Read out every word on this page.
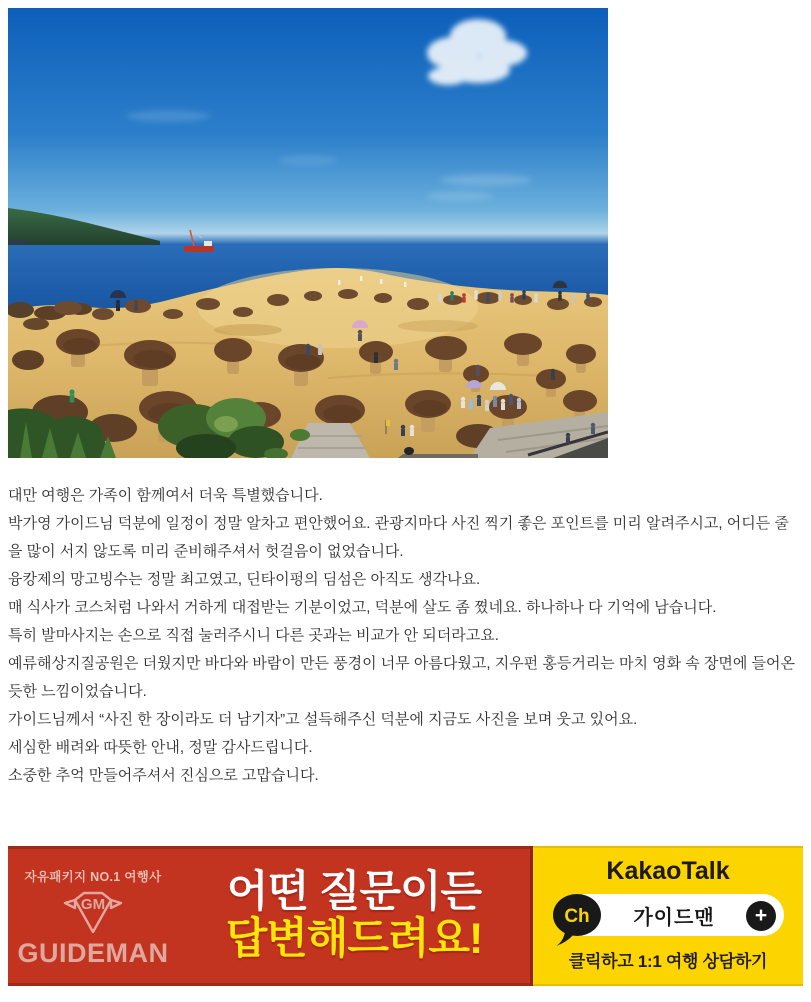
대만 여행은 가족이 함께여서 더욱 특별했습니다.

박가영 가이드님 덕분에 일정이 정말 알차고 편안했어요. 관광지마다 사진 찍기 좋은 포인트를 미리 알려주시고, 어디든 줄을 많이 서지 않도록 미리 준비해주셔서 헛걸음이 없었습니다.

융캉제의 망고빙수는 정말 최고였고, 딘타이펑의 딤섬은 아직도 생각나요.

매 식사가 코스처럼 나와서 거하게 대접받는 기분이었고, 덕분에 살도 좀 쪘네요. 하나하나 다 기억에 남습니다.

특히 발마사지는 손으로 직접 눌러주시니 다른 곳과는 비교가 안 되더라고요.

예류해상지질공원은 더웠지만 바다와 바람이 만든 풍경이 너무 아름다웠고, 지우펀 홍등거리는 마치 영화 속 장면에 들어온 듯한 느낌이었습니다.

가이드님께서 “사진 한 장이라도 더 남기자”고 설득해주신 덕분에 지금도 사진을 보며 웃고 있어요.

세심한 배려와 따뜻한 안내, 정말 감사드립니다.

소중한 추억 만들어주셔서 진심으로 고맙습니다.

자유패키지 NO.1 여행사
GM
GUIDEMAN
어떤 질문이든
답변해드려요!
KakaoTalk
가이드맨 +
Ch
클릭하고 1:1 여행 상담하기
